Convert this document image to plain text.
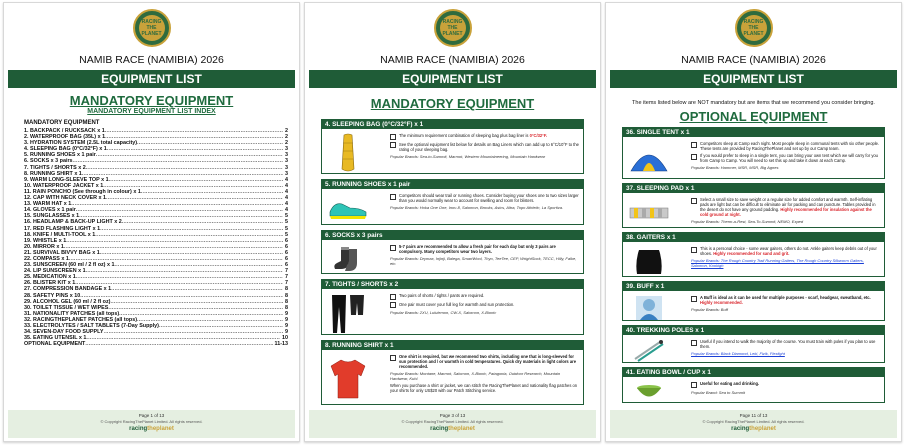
RACING THE PLANET
NAMIB RACE (NAMIBIA) 2026
EQUIPMENT LIST
MANDATORY EQUIPMENT
MANDATORY EQUIPMENT LIST INDEX
MANDATORY EQUIPMENT
1. BACKPACK / RUCKSACK x 1 .....	2
2. WATERPROOF BAG (35L) x 1 .....	2
3. HYDRATION SYSTEM (2.5L total capacity) .....	2
4. SLEEPING BAG (0°C/32°F) x 1 .....	3
5. RUNNING SHOES x 1 pair .....	3
6. SOCKS x 3 pairs .....	3
7. TIGHTS / SHORTS x 2 .....	3
8. RUNNING SHIRT x 1 .....	3
9. WARM LONG-SLEEVE TOP x 1 .....	4
10. WATERPROOF JACKET x 1 .....	4
11. RAIN PONCHO (See through in colour) x 1 .....	4
12. CAP WITH NECK COVER x 1 .....	4
13. WARM HAT x 1 .....	4
14. GLOVES x 1 pair .....	4
15. SUNGLASSES x 1 .....	5
16. HEADLAMP & BACK-UP LIGHT x 2 .....	5
17. RED FLASHING LIGHT x 1 .....	5
18. KNIFE / MULTI-TOOL x 1 .....	5
19. WHISTLE x 1 .....	6
20. MIRROR x 1 .....	6
21. SURVIVAL BIVVY BAG x 1 .....	6
22. COMPASS x 1 .....	6
23. SUNSCREEN (60 ml / 2 fl oz) x 1 .....	6
24. LIP SUNSCREEN x 1 .....	7
25. MEDICATION x 1 .....	7
26. BLISTER KIT x 1 .....	7
27. COMPRESSION BANDAGE x 1 .....	8
28. SAFETY PINS x 10 .....	8
29. ALCOHOL GEL (60 ml / 2 fl oz) .....	8
30. TOILET TISSUE / WET WIPES .....	8
31. NATIONALITY PATCHES (all tops) .....	9
32. RACINGTHEPLANET PATCHES (all tops) .....	9
33. ELECTROLYTES / SALT TABLETS (7-Day Supply) .....	9
34. SEVEN-DAY FOOD SUPPLY .....	9
35. EATING UTENSIL x 1 .....	10
OPTIONAL EQUIPMENT .....	11-13
Page 1 of 13
© Copyright RacingThePlanet Limited. All rights reserved.
racingtheplanet
RACING THE PLANET
NAMIB RACE (NAMIBIA) 2026
EQUIPMENT LIST
MANDATORY EQUIPMENT
4. SLEEPING BAG (0°C/32°F) x 1
The minimum requirement combination of sleeping bag plus bag liner is 0°C/32°F.
See the optional equipment list below for details on Bag Liners which can add up to 6°C/10°F to the rating of your sleeping bag.
Popular Brands: Sea-to-Summit, Marmot, Western Mountaineering, Mountain Hardwear
5. RUNNING SHOES x 1 pair
Competitors should wear trail or running shoes. Consider buying your shoes one to two sizes larger than you would normally wear to account for swelling and room for blisters.
Popular Brands: Hoka One One, Inov-8, Salomon, Brooks, Asics, Altra, Topo Athletic, La Sportiva.
6. SOCKS x 3 pairs
5-7 pairs are recommended to allow a fresh pair for each day but only 3 pairs are compulsory. Many competitors wear two layers.
Popular Brands: Drymax, Injinji, Balega, SmartWool, Thyo, TeeTee, CEP, WrightSock, TECC, Hilly, Falke, etc.
7. TIGHTS / SHORTS x 2
Two pairs of shorts / tights / pants are required.
One pair must cover your full leg for warmth and sun protection.
Popular Brands: 2XU, Lululemon, CW-X, Salomon, X-Bionic
8. RUNNING SHIRT x 1
One shirt is required, but we recommend two shirts, including one that is long-sleeved for sun protection and / or warmth in cold temperatures. Quick dry materials in light colors are recommended.
Popular Brands: Montane, Marmot, Salomon, X-Bionic, Patagonia, Outdoor Research, Mountain Hardwear, Kuhl.
When you purchase a shirt or jacket, we can stitch the RacingThePlanet and nationality flag patches on your shirts for only US$20 with our Patch Stitching service.
Page 3 of 13
© Copyright RacingThePlanet Limited. All rights reserved.
racingtheplanet
RACING THE PLANET
NAMIB RACE (NAMIBIA) 2026
EQUIPMENT LIST
The items listed below are NOT mandatory but are items that we recommend you consider bringing.
OPTIONAL EQUIPMENT
36. SINGLE TENT x 1
Competitors sleep at Camp each night. Most people sleep in communal tents with six other people. These tents are provided by RacingThePlanet and set up by our Camp team.
If you would prefer to sleep in a single tent, you can bring your own tent which we will carry for you from Camp to Camp. You will need to set this up and take it down at each Camp.
Popular Brands: Hammer, MSR, MSR, Big Agnes
37. SLEEPING PAD x 1
Select a small size to save weight or a regular size for added comfort and warmth. Self-inflating pads are light but can be difficult to eliminate air for packing and can puncture. Tables provided in the desert do not have any ground padding. Highly recommended for insulation against the cold ground at night.
Popular Brands: Therm-a-Rest, Sea-To-Summit, NEMO, Exped
38. GAITERS x 1
This is a personal choice - some wear gaiters, others do not. Ankle gaiters keep debris out of your shoes. Highly recommended for sand and grit.
Popular Brands: The Rough Country Trail Running Gaiters, The Rough Country Silkworm Gaiters, Salomon, Kookigh
39. BUFF x 1
A Buff is ideal as it can be used for multiple purposes - scarf, headgear, sweatband, etc. Highly recommended.
Popular Brands: Buff
40. TREKKING POLES x 1
Useful if you intend to walk the majority of the course. You must train with poles if you plan to use them.
Popular Brands: Black Diamond, Leki, Fizik, Flexlight
41. EATING BOWL / CUP x 1
Useful for eating and drinking.
Popular Brand: Sea to Summit
Page 11 of 13
© Copyright RacingThePlanet Limited. All rights reserved.
racingtheplanet
